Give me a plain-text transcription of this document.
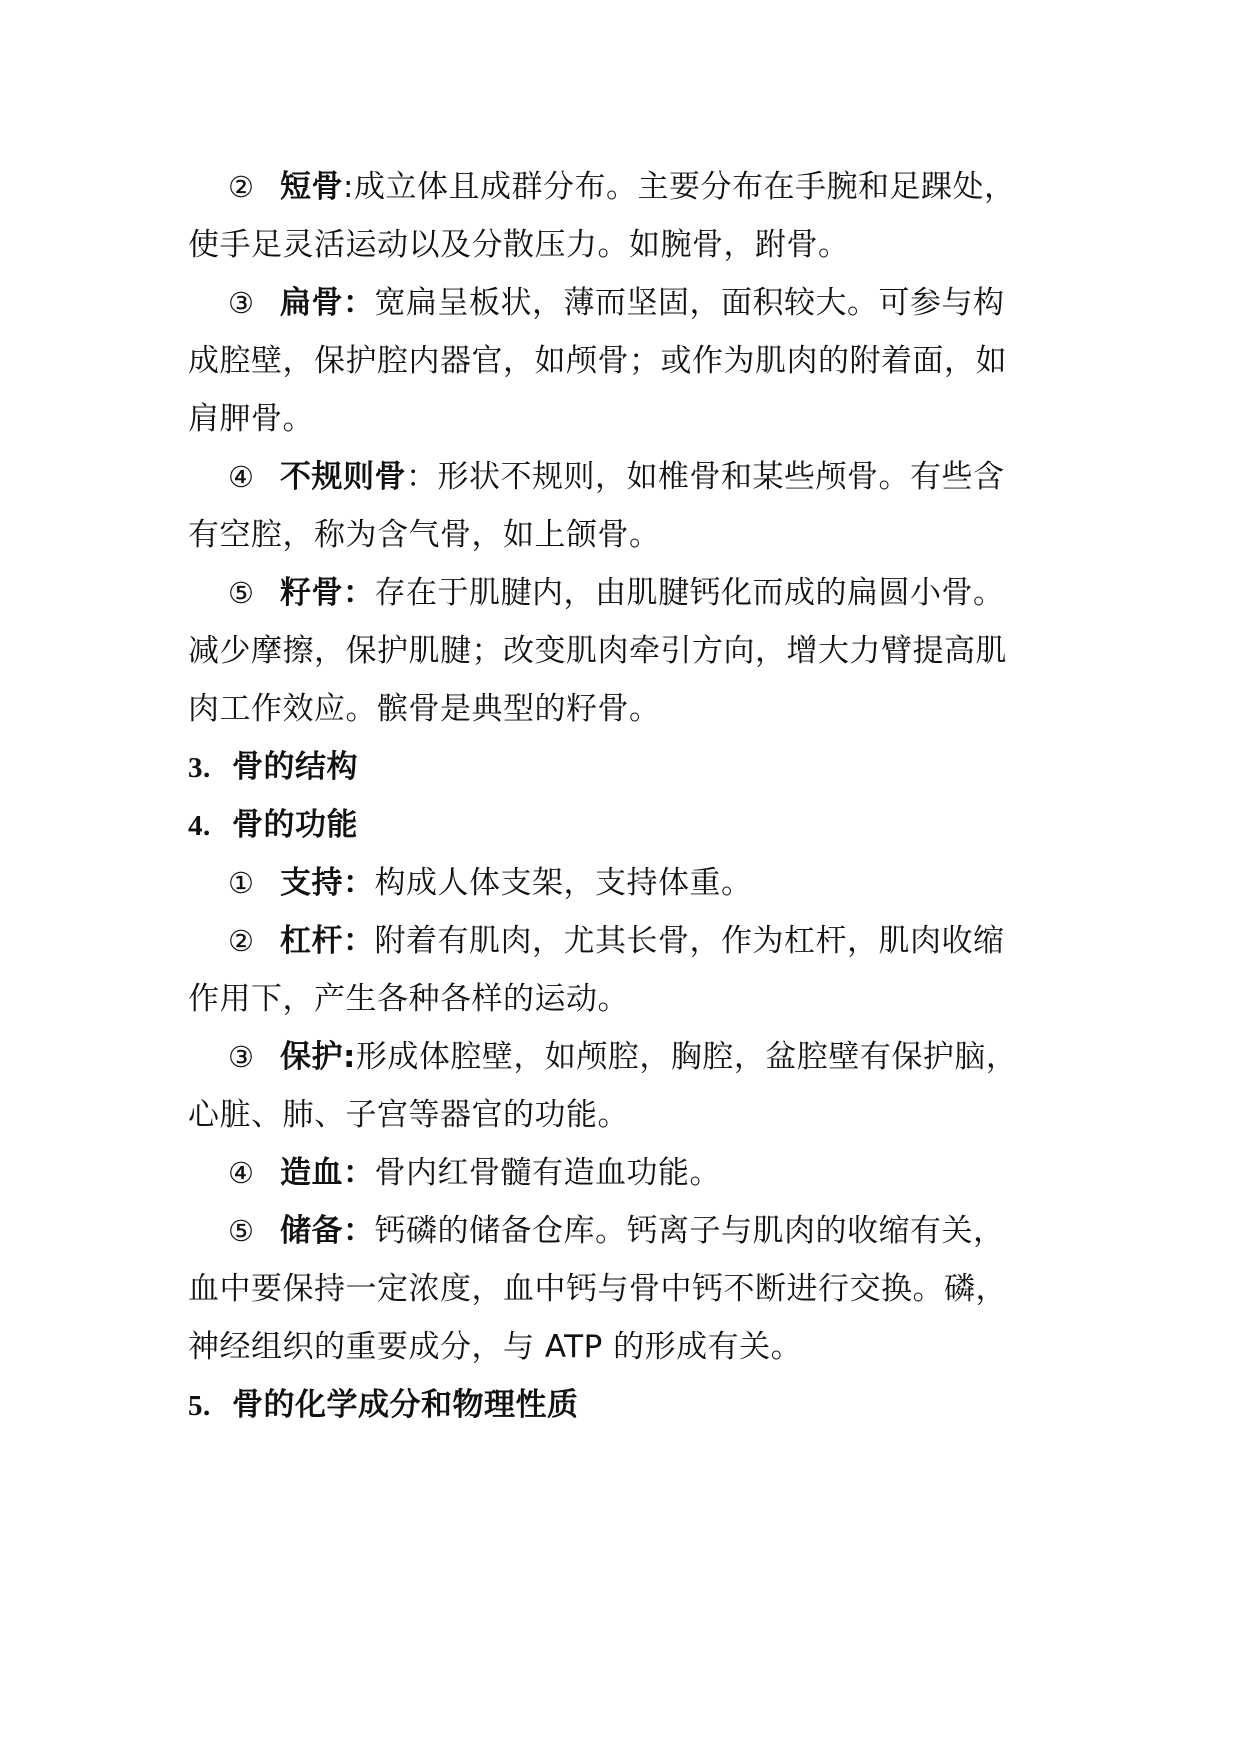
② 短骨:成立体且成群分布。主要分布在手腕和足踝处，
使手足灵活运动以及分散压力。如腕骨，跗骨。
③ 扁骨：宽扁呈板状，薄而坚固，面积较大。可参与构
成腔壁，保护腔内器官，如颅骨；或作为肌肉的附着面，如
肩胛骨。
④ 不规则骨：形状不规则，如椎骨和某些颅骨。有些含
有空腔，称为含气骨，如上颌骨。
⑤ 籽骨：存在于肌腱内，由肌腱钙化而成的扁圆小骨。
减少摩擦，保护肌腱；改变肌肉牵引方向，增大力臂提高肌
肉工作效应。髌骨是典型的籽骨。
3. 骨的结构
4. 骨的功能
① 支持：构成人体支架，支持体重。
② 杠杆：附着有肌肉，尤其长骨，作为杠杆，肌肉收缩
作用下，产生各种各样的运动。
③ 保护:形成体腔壁，如颅腔，胸腔，盆腔壁有保护脑，
心脏、肺、子宫等器官的功能。
④ 造血：骨内红骨髓有造血功能。
⑤ 储备：钙磷的储备仓库。钙离子与肌肉的收缩有关，
血中要保持一定浓度，血中钙与骨中钙不断进行交换。磷，
神经组织的重要成分，与 ATP 的形成有关。
5. 骨的化学成分和物理性质
